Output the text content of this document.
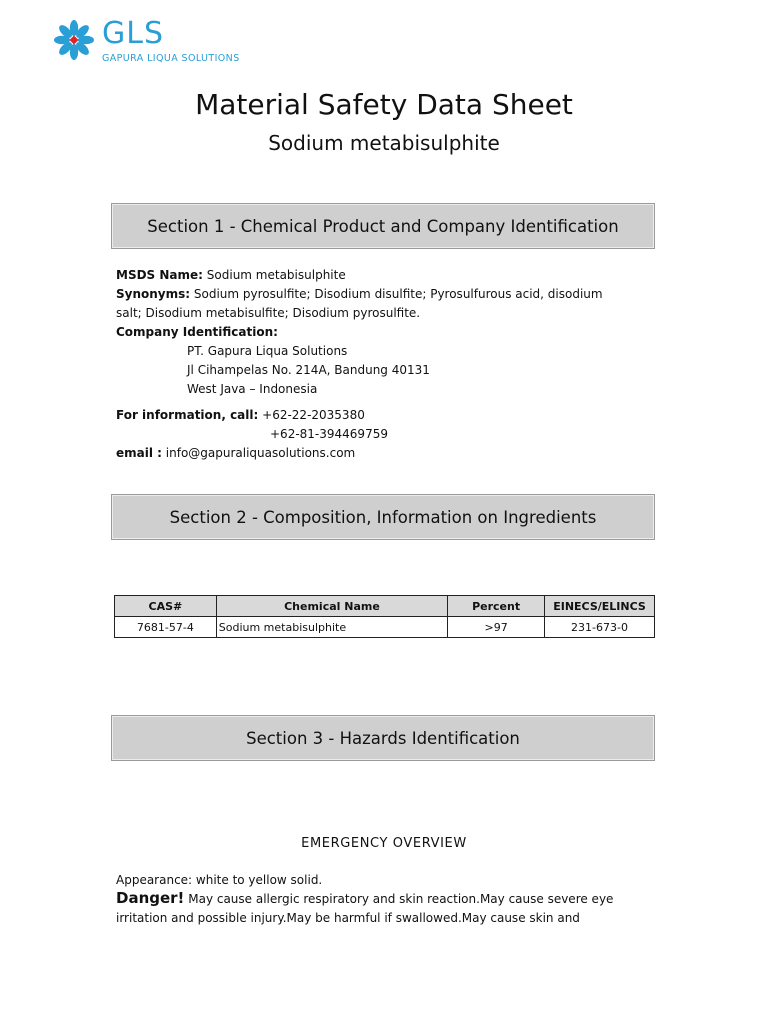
GLS
GAPURA LIQUA SOLUTIONS
Material Safety Data Sheet
Sodium metabisulphite
Section 1 - Chemical Product and Company Identification
MSDS Name: Sodium metabisulphite
Synonyms: Sodium pyrosulfite; Disodium disulfite; Pyrosulfurous acid, disodium
salt; Disodium metabisulfite; Disodium pyrosulfite.
Company Identification:
PT. Gapura Liqua Solutions
Jl Cihampelas No. 214A, Bandung 40131
West Java – Indonesia
For information, call: +62-22-2035380
+62-81-394469759
email : info@gapuraliquasolutions.com
Section 2 - Composition, Information on Ingredients
CAS#	Chemical Name	Percent	EINECS/ELINCS
7681-57-4	Sodium metabisulphite	>97	231-673-0
Section 3 - Hazards Identification
EMERGENCY OVERVIEW
Appearance: white to yellow solid.
Danger! May cause allergic respiratory and skin reaction.May cause severe eye
irritation and possible injury.May be harmful if swallowed.May cause skin and
